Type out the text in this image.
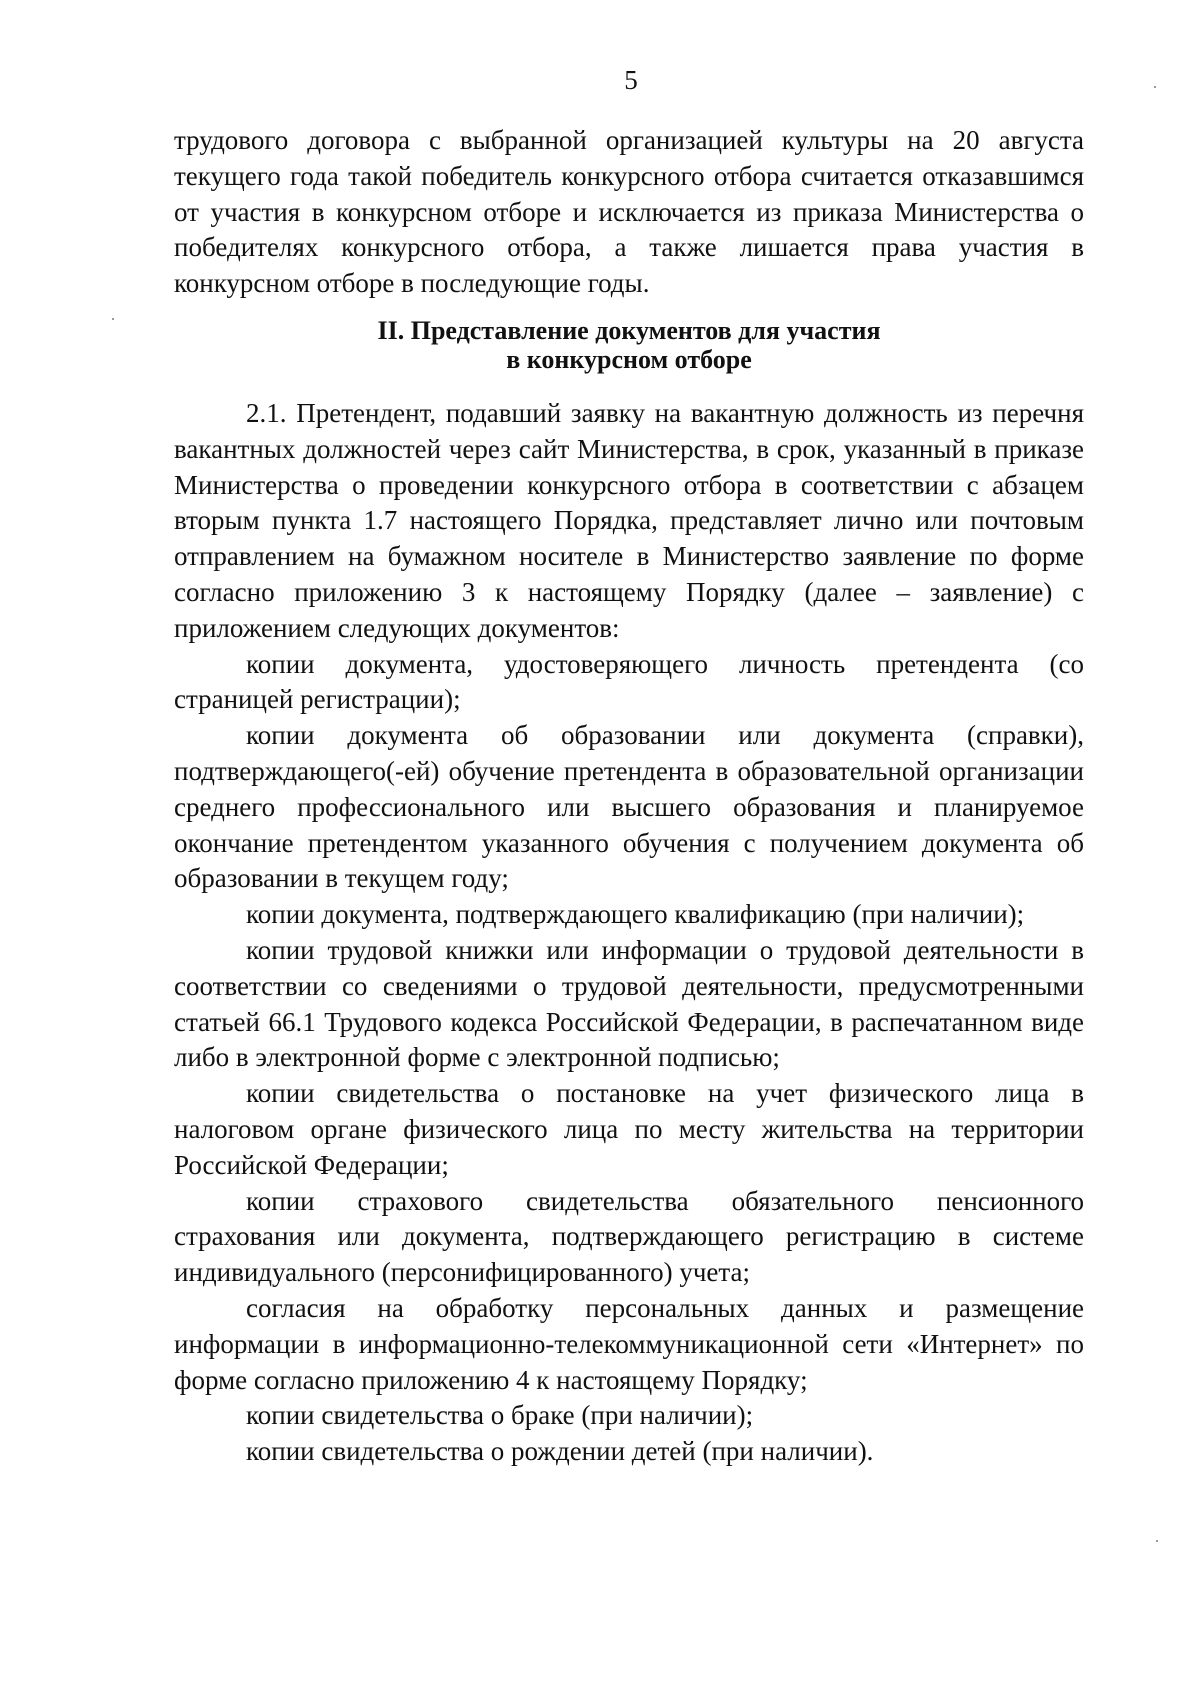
5

трудового договора с выбранной организацией культуры на 20 августа текущего года такой победитель конкурсного отбора считается отказавшимся от участия в конкурсном отборе и исключается из приказа Министерства о победителях конкурсного отбора, а также лишается права участия в конкурсном отборе в последующие годы.

II. Представление документов для участия
в конкурсном отборе

2.1. Претендент, подавший заявку на вакантную должность из перечня вакантных должностей через сайт Министерства, в срок, указанный в приказе Министерства о проведении конкурсного отбора в соответствии с абзацем вторым пункта 1.7 настоящего Порядка, представляет лично или почтовым отправлением на бумажном носителе в Министерство заявление по форме согласно приложению 3 к настоящему Порядку (далее – заявление) с приложением следующих документов:

копии документа, удостоверяющего личность претендента (со страницей регистрации);

копии документа об образовании или документа (справки), подтверждающего(-ей) обучение претендента в образовательной организации среднего профессионального или высшего образования и планируемое окончание претендентом указанного обучения с получением документа об образовании в текущем году;

копии документа, подтверждающего квалификацию (при наличии);

копии трудовой книжки или информации о трудовой деятельности в соответствии со сведениями о трудовой деятельности, предусмотренными статьей 66.1 Трудового кодекса Российской Федерации, в распечатанном виде либо в электронной форме с электронной подписью;

копии свидетельства о постановке на учет физического лица в налоговом органе физического лица по месту жительства на территории Российской Федерации;

копии страхового свидетельства обязательного пенсионного страхования или документа, подтверждающего регистрацию в системе индивидуального (персонифицированного) учета;

согласия на обработку персональных данных и размещение информации в информационно-телекоммуникационной сети «Интернет» по форме согласно приложению 4 к настоящему Порядку;

копии свидетельства о браке (при наличии);

копии свидетельства о рождении детей (при наличии).
